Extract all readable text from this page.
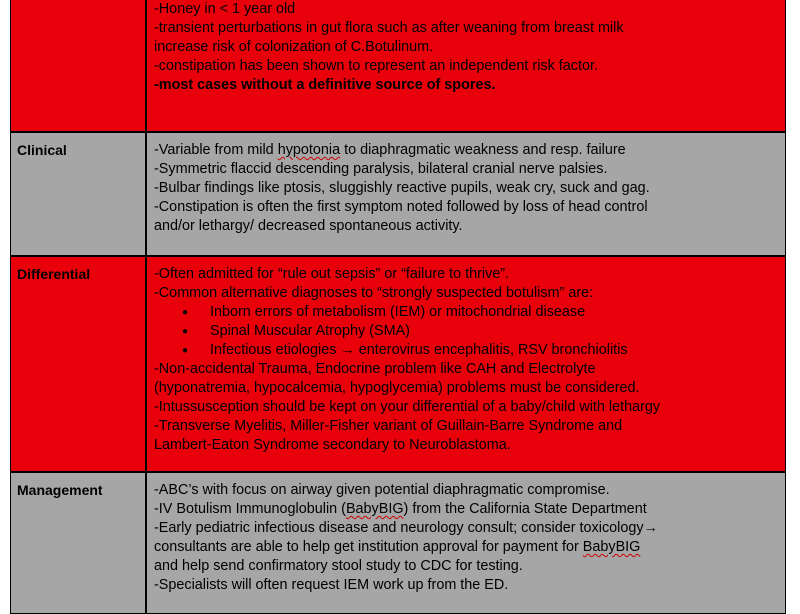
-Honey in < 1 year old
-transient perturbations in gut flora such as after weaning from breast milk
increase risk of colonization of C.Botulinum.
-constipation has been shown to represent an independent risk factor.
-most cases without a definitive source of spores.
Clinical	-Variable from mild hypotonia to diaphragmatic weakness and resp. failure
-Symmetric flaccid descending paralysis, bilateral cranial nerve palsies.
-Bulbar findings like ptosis, sluggishly reactive pupils, weak cry, suck and gag.
-Constipation is often the first symptom noted followed by loss of head control
and/or lethargy/ decreased spontaneous activity.
Differential	-Often admitted for “rule out sepsis” or “failure to thrive”.
-Common alternative diagnoses to “strongly suspected botulism” are:
●	Inborn errors of metabolism (IEM) or mitochondrial disease
●	Spinal Muscular Atrophy (SMA)
●	Infectious etiologies → enterovirus encephalitis, RSV bronchiolitis
-Non-accidental Trauma, Endocrine problem like CAH and Electrolyte
(hyponatremia, hypocalcemia, hypoglycemia) problems must be considered.
-Intussusception should be kept on your differential of a baby/child with lethargy
-Transverse Myelitis, Miller-Fisher variant of Guillain-Barre Syndrome and
Lambert-Eaton Syndrome secondary to Neuroblastoma.
Management	-ABC’s with focus on airway given potential diaphragmatic compromise.
-IV Botulism Immunoglobulin (BabyBIG) from the California State Department
-Early pediatric infectious disease and neurology consult; consider toxicology→
consultants are able to help get institution approval for payment for BabyBIG
and help send confirmatory stool study to CDC for testing.
-Specialists will often request IEM work up from the ED.
